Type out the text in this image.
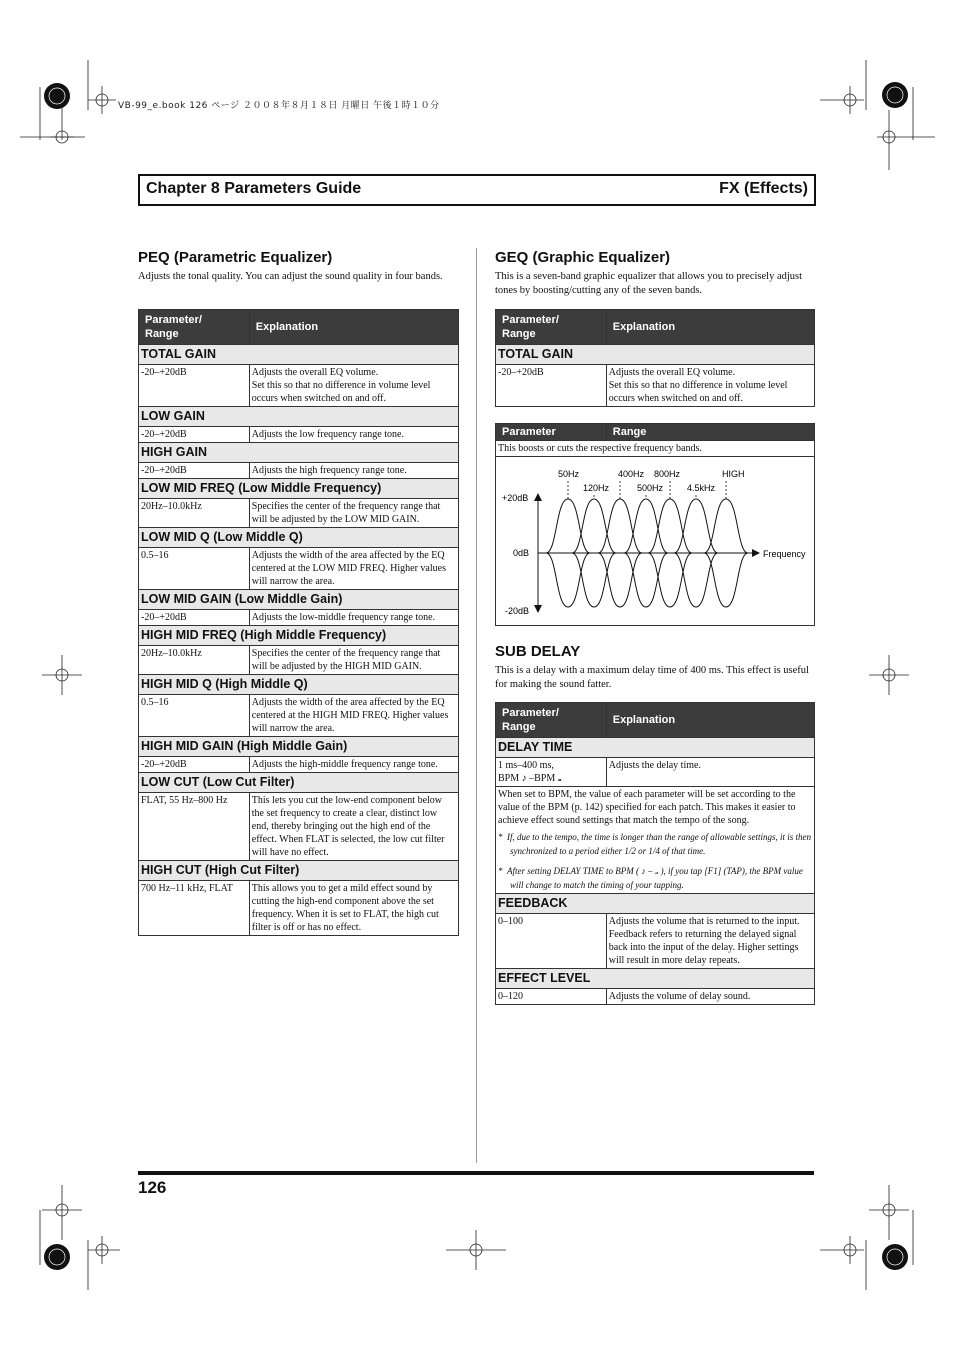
VB-99_e.book 126 ページ ２００８年８月１８日 月曜日 午後１時１０分
Chapter 8 Parameters Guide	FX (Effects)
PEQ (Parametric Equalizer)
Adjusts the tonal quality. You can adjust the sound quality in four bands.
Parameter/
Range	Explanation
TOTAL GAIN	
-20–+20dB	Adjusts the overall EQ volume.
Set this so that no difference in volume level occurs when switched on and off.
LOW GAIN	
-20–+20dB	Adjusts the low frequency range tone.
HIGH GAIN	
-20–+20dB	Adjusts the high frequency range tone.
LOW MID FREQ (Low Middle Frequency)	
20Hz–10.0kHz	Specifies the center of the frequency range that will be adjusted by the LOW MID GAIN.
LOW MID Q (Low Middle Q)	
0.5–16	Adjusts the width of the area affected by the EQ centered at the LOW MID FREQ. Higher values will narrow the area.
LOW MID GAIN (Low Middle Gain)	
-20–+20dB	Adjusts the low-middle frequency range tone.
HIGH MID FREQ (High Middle Frequency)	
20Hz–10.0kHz	Specifies the center of the frequency range that will be adjusted by the HIGH MID GAIN.
HIGH MID Q (High Middle Q)	
0.5–16	Adjusts the width of the area affected by the EQ centered at the HIGH MID FREQ. Higher values will narrow the area.
HIGH MID GAIN (High Middle Gain)	
-20–+20dB	Adjusts the high-middle frequency range tone.
LOW CUT (Low Cut Filter)	
FLAT, 55 Hz–800 Hz	This lets you cut the low-end component below the set frequency to create a clear, distinct low end, thereby bringing out the high end of the effect. When FLAT is selected, the low cut filter will have no effect.
HIGH CUT (High Cut Filter)	
700 Hz–11 kHz, FLAT	This allows you to get a mild effect sound by cutting the high-end component above the set frequency. When it is set to FLAT, the high cut filter is off or has no effect.
GEQ (Graphic Equalizer)
This is a seven-band graphic equalizer that allows you to precisely adjust tones by boosting/cutting any of the seven bands.
Parameter/
Range	Explanation
TOTAL GAIN	
-20–+20dB	Adjusts the overall EQ volume.
Set this so that no difference in volume level occurs when switched on and off.
Parameter	Range
This boosts or cuts the respective frequency bands.

+20dB
0dB
-20dB
Frequency
50Hz	400Hz 800Hz	HIGH
120Hz	500Hz	4.5kHz
SUB DELAY
This is a delay with a maximum delay time of 400 ms. This effect is useful for making the sound fatter.
Parameter/
Range	Explanation
DELAY TIME	
1 ms–400 ms,
BPM ♪ –BPM 𝅝	Adjusts the delay time.

When set to BPM, the value of each parameter will be set according to the value of the BPM (p. 142) specified for each patch. This makes it easier to achieve effect sound settings that match the tempo of the song.
* If, due to the tempo, the time is longer than the range of allowable settings, it is then synchronized to a period either 1/2 or 1/4 of that time.
* After setting DELAY TIME to BPM ( ♪ – 𝅝 ), if you tap [F1] (TAP), the BPM value will change to match the timing of your tapping.	

FEEDBACK	
0–100	Adjusts the volume that is returned to the input.
Feedback refers to returning the delayed signal back into the input of the delay. Higher settings will result in more delay repeats.
EFFECT LEVEL	
0–120	Adjusts the volume of delay sound.
126
